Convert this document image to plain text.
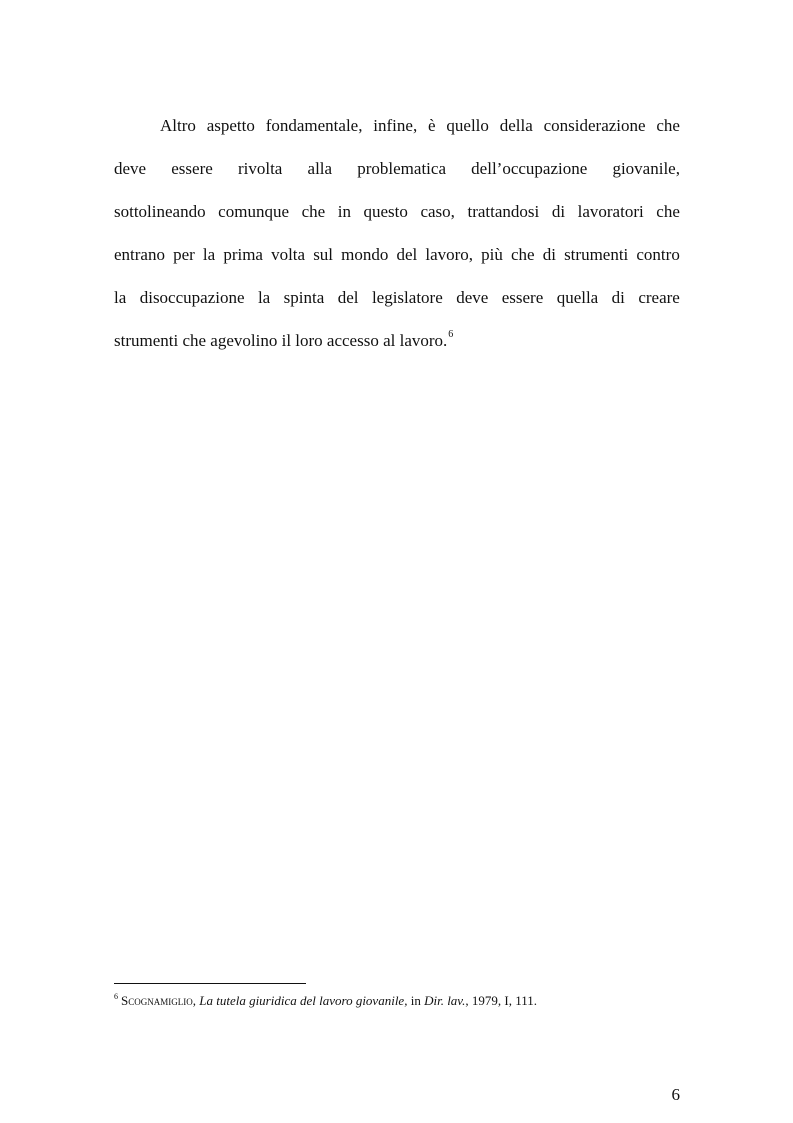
Altro aspetto fondamentale, infine, è quello della considerazione che
deve essere rivolta alla problematica dell’occupazione giovanile,
sottolineando comunque che in questo caso, trattandosi di lavoratori che
entrano per la prima volta sul mondo del lavoro, più che di strumenti contro
la disoccupazione la spinta del legislatore deve essere quella di creare
strumenti che agevolino il loro accesso al lavoro.$^6$
$^6$ Scognamiglio, La tutela giuridica del lavoro giovanile, in Dir. lav., 1979, I, 111.
6
